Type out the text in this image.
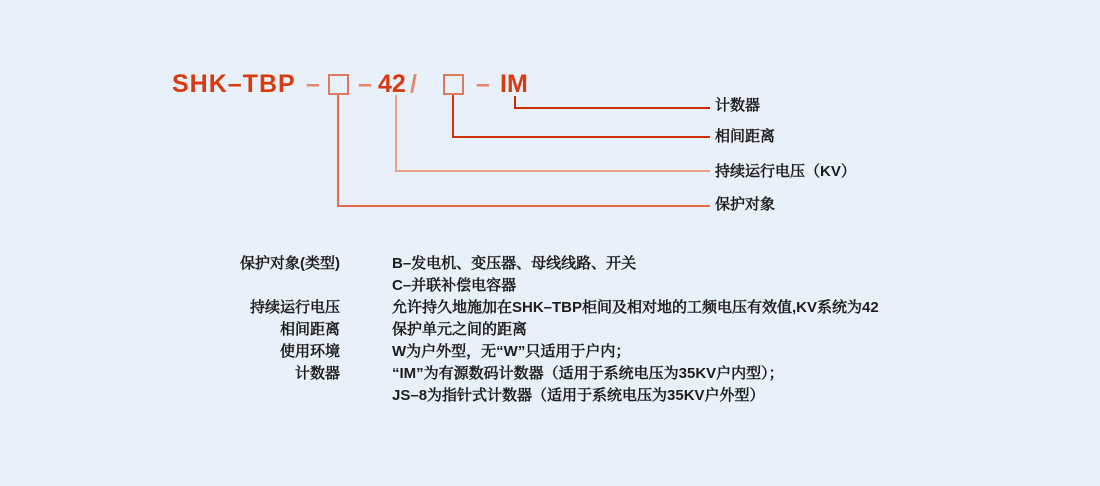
SHK–TBP – – 42 / – IM
计数器
相间距离
持续运行电压（KV）
保护对象
保护对象(类型)	B–发电机、变压器、母线线路、开关
C–并联补偿电容器
持续运行电压	允许持久地施加在SHK–TBP柜间及相对地的工频电压有效值,KV系统为42
相间距离	保护单元之间的距离
使用环境	W为户外型，无“W”只适用于户内；
计数器	“IM”为有源数码计数器（适用于系统电压为35KV户内型）；
JS–8为指针式计数器（适用于系统电压为35KV户外型）
